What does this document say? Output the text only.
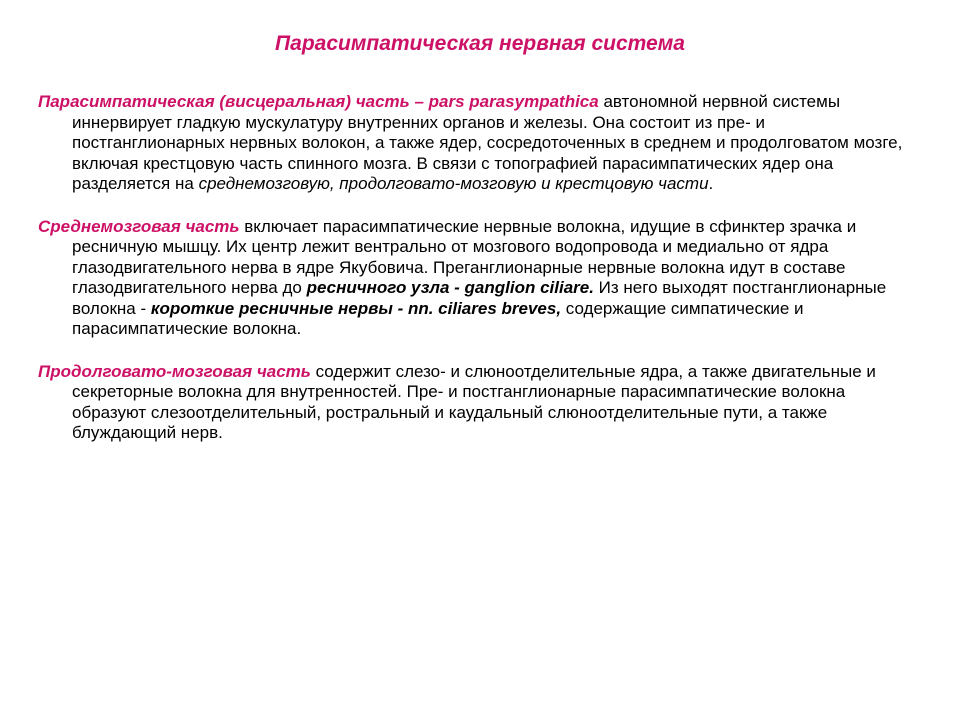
Парасимпатическая нервная система

Парасимпатическая (висцеральная) часть – pars parasympathica автономной нервной системы иннервирует гладкую мускулатуру внутренних органов и железы. Она состоит из пре- и постганглионарных нервных волокон, а также ядер, сосредоточенных в среднем и продолговатом мозге, включая крестцовую часть спинного мозга. В связи с топографией парасимпатических ядер она разделяется на среднемозговую, продолговато-мозговую и крестцовую части.

Среднемозговая часть включает парасимпатические нервные волокна, идущие в сфинктер зрачка и ресничную мышцу. Их центр лежит вентрально от мозгового водопровода и медиально от ядра глазодвигательного нерва в ядре Якубовича. Преганглионарные нервные волокна идут в составе глазодвигательного нерва до ресничного узла - ganglion ciliare. Из него выходят постганглионарные волокна - короткие ресничные нервы - nn. ciliares breves, содержащие симпатические и парасимпатические волокна.

Продолговато-мозговая часть содержит слезо- и слюноотделительные ядра, а также двигательные и секреторные волокна для внутренностей. Пре- и постганглионарные парасимпатические волокна образуют слезоотделительный, ростральный и каудальный слюноотделительные пути, а также блуждающий нерв.
